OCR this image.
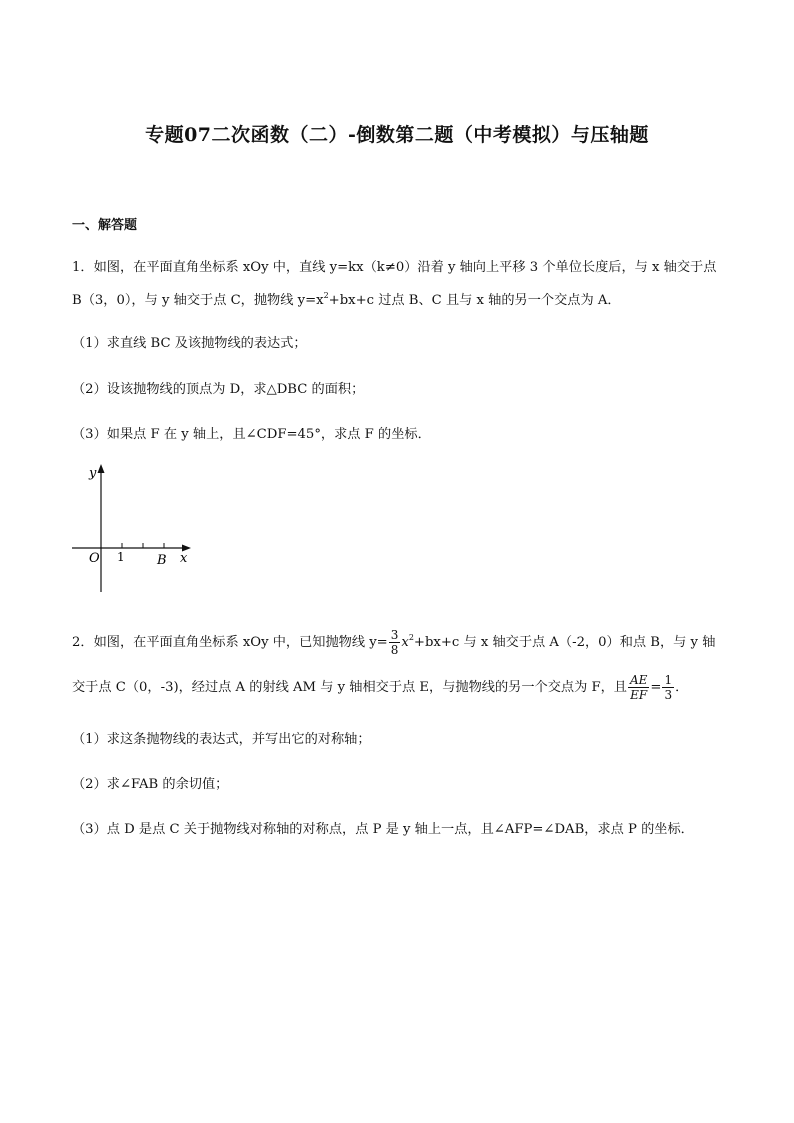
专题07二次函数（二）-倒数第二题（中考模拟）与压轴题
一、解答题
1．如图，在平面直角坐标系 xOy 中，直线 y=kx（k≠0）沿着 y 轴向上平移 3 个单位长度后，与 x 轴交于点
B（3，0），与 y 轴交于点 C，抛物线 $y=x^2+bx+c$ 过点 B、C 且与 x 轴的另一个交点为 A．
（1）求直线 BC 及该抛物线的表达式；
（2）设该抛物线的顶点为 D，求△DBC 的面积；
（3）如果点 F 在 y 轴上，且∠CDF=45°，求点 F 的坐标．
y
O 1 B x
2．如图，在平面直角坐标系 xOy 中，已知抛物线 $y= \frac{3}{8} x^2+bx+c$ 与 x 轴交于点 A（-2，0）和点 B，与 y 轴
交于点 C（0，-3)，经过点 A 的射线 AM 与 y 轴相交于点 E，与抛物线的另一个交点为 F，且 $\frac{AE}{EF} = \frac{1}{3}$ ．
（1）求这条抛物线的表达式，并写出它的对称轴；
（2）求∠FAB 的余切值；
（3）点 D 是点 C 关于抛物线对称轴的对称点，点 P 是 y 轴上一点，且∠AFP=∠DAB，求点 P 的坐标．
